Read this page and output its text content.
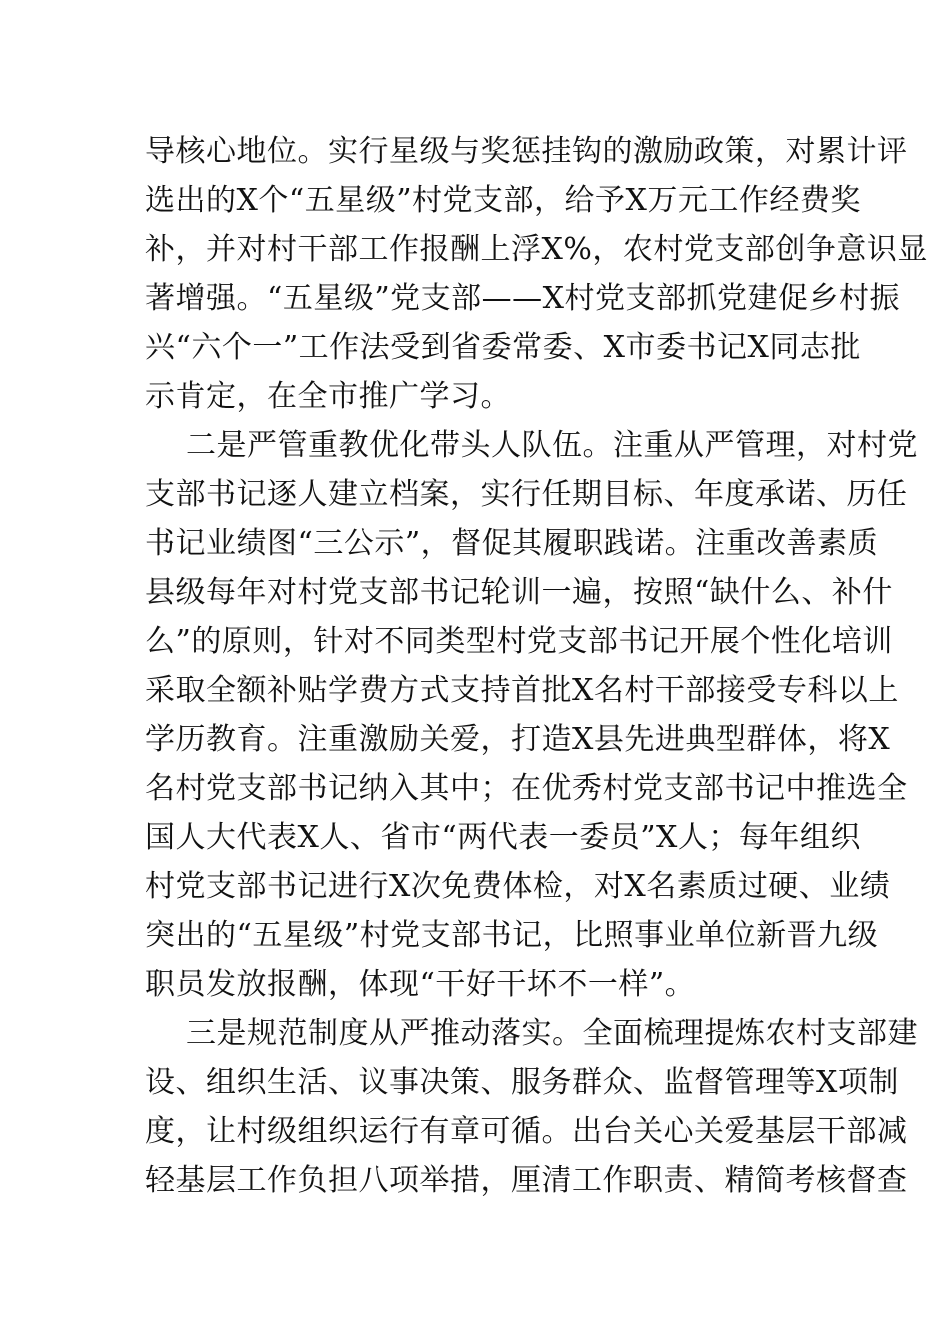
导核心地位。实行星级与奖惩挂钩的激励政策，对累计评
选出的X个“五星级”村党支部，给予X万元工作经费奖
补，并对村干部工作报酬上浮X%，农村党支部创争意识显
著增强。“五星级”党支部——X村党支部抓党建促乡村振
兴“六个一”工作法受到省委常委、X市委书记X同志批
示肯定，在全市推广学习。
二是严管重教优化带头人队伍。注重从严管理，对村党
支部书记逐人建立档案，实行任期目标、年度承诺、历任
书记业绩图“三公示”，督促其履职践诺。注重改善素质
县级每年对村党支部书记轮训一遍，按照“缺什么、补什
么”的原则，针对不同类型村党支部书记开展个性化培训
采取全额补贴学费方式支持首批X名村干部接受专科以上
学历教育。注重激励关爱，打造X县先进典型群体，将X
名村党支部书记纳入其中；在优秀村党支部书记中推选全
国人大代表X人、省市“两代表一委员”X人；每年组织
村党支部书记进行X次免费体检，对X名素质过硬、业绩
突出的“五星级”村党支部书记，比照事业单位新晋九级
职员发放报酬，体现“干好干坏不一样”。
三是规范制度从严推动落实。全面梳理提炼农村支部建
设、组织生活、议事决策、服务群众、监督管理等X项制
度，让村级组织运行有章可循。出台关心关爱基层干部减
轻基层工作负担八项举措，厘清工作职责、精简考核督查
